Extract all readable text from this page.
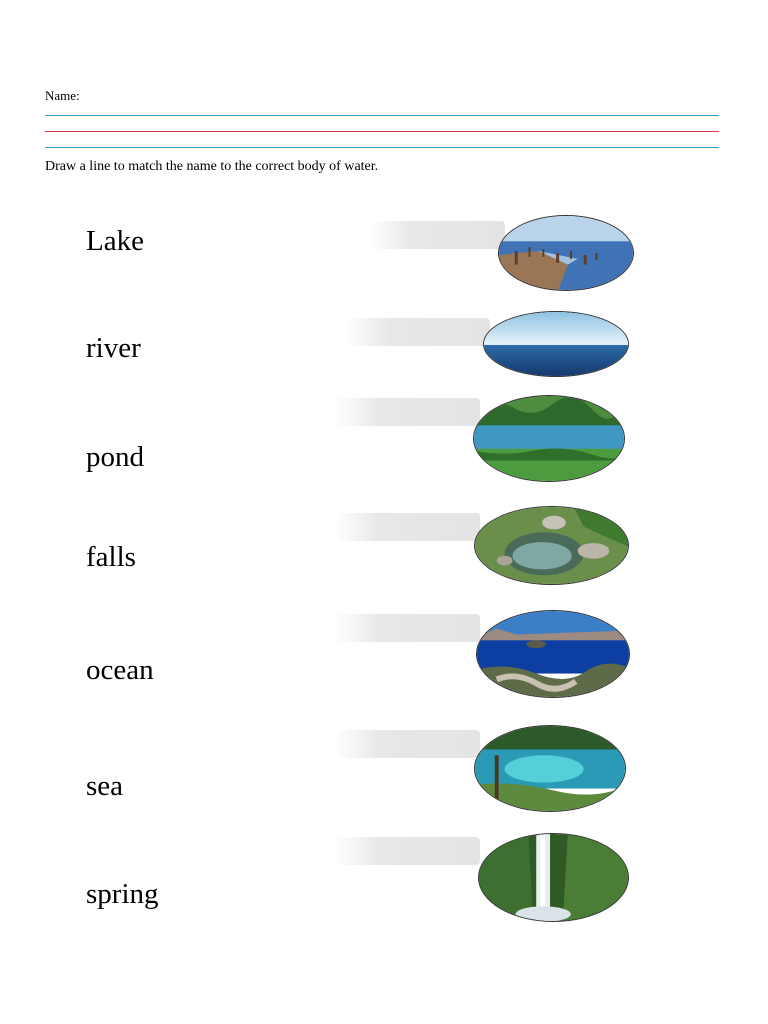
Name:
Draw a line to match the name to the correct body of water.
Lake
river
pond
falls
ocean
sea
spring
